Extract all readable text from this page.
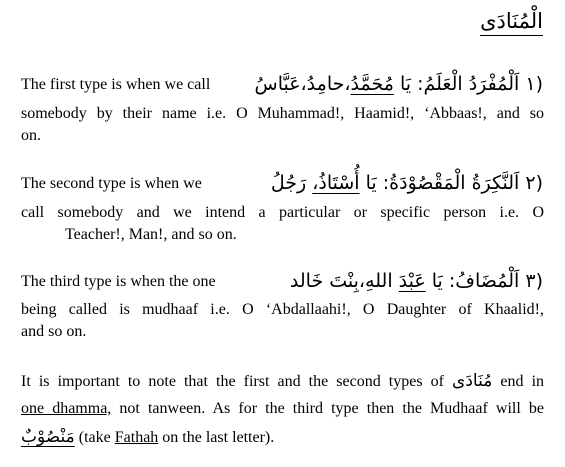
الْمُنَادَى
The first type is when we call	(١ اَلْمُفْرَدُ الْعَلَمُ: يَا مُحَمَّدُ،حامِدُ،عَبَّاسُ
somebody by their name i.e. O Muhammad!, Haamid!, ‘Abbaas!, and so
on.
The second type is when we	(٢ اَلنَّكِرَةُ الْمَقْصُوْدَةُ: يَا أُسْتَاذُ، رَجُلُ
call somebody and we intend a particular or specific person i.e. O
Teacher!, Man!, and so on.
The third type is when the one	(٣ اَلْمُضَافُ: يَا عَبْدَ اللهِ،بِنْتَ خَالد
being called is mudhaaf i.e. O ‘Abdallaahi!, O Daughter of Khaalid!,
and so on.
It is important to note that the first and the second types of مُنَادَى end in
one dhamma, not tanween. As for the third type then the Mudhaaf will be
مَنْصُوْبٌ (take Fathah on the last letter).
